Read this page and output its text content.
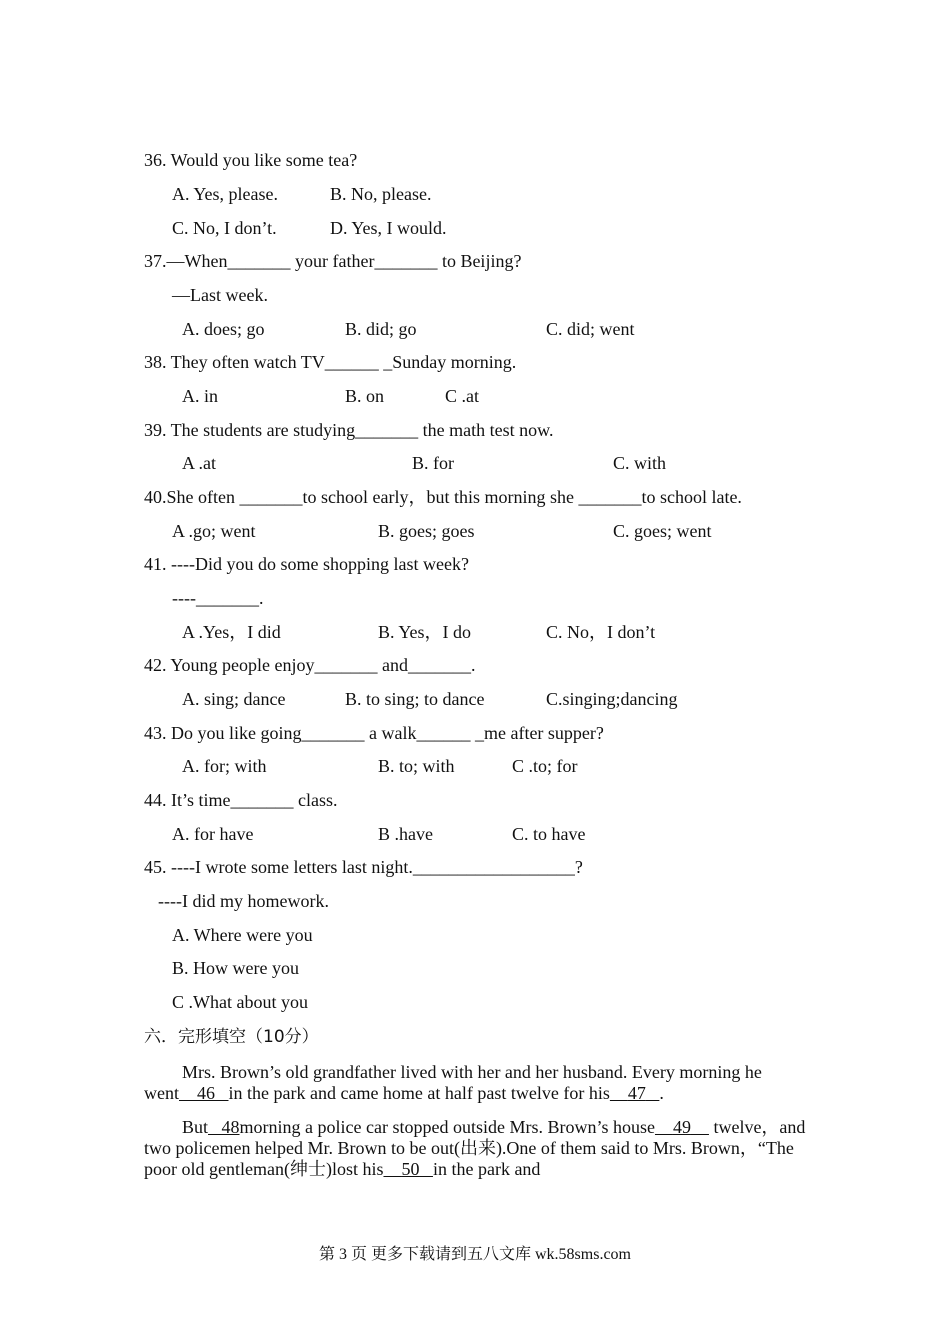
36. Would you like some tea?
A. Yes, please.	B. No, please.
C. No, I don’t.	D. Yes, I would.
37.—When_______ your father_______ to Beijing?
—Last week.
A. does; go	B. did; go	C. did; went
38. They often watch TV______ _Sunday morning.
A. in	B. on	C .at
39. The students are studying_______ the math test now.
A .at	B. for	C. with
40.She often _______to school early，but this morning she _______to school late.
A .go; went	B. goes; goes	C. goes; went
41. ----Did you do some shopping last week?
----_______.
A .Yes，I did	B. Yes，I do	C. No，I don’t
42. Young people enjoy_______ and_______.
A. sing; dance	B. to sing; to dance	C.singing;dancing
43. Do you like going_______ a walk______ _me after supper?
A. for; with	B. to; with	C .to; for
44. It’s time_______ class.
A. for have	B .have	C. to have
45. ----I wrote some letters last night.__________________?
----I did my homework.
A. Where were you
B. How were you
C .What about you
六．完形填空（10分）
Mrs. Brown’s old grandfather lived with her and her husband. Every morning he went 46 in the park and came home at half past twelve for his 47 .
But 48morning a police car stopped outside Mrs. Brown’s house 49 twelve，and two policemen helped Mr. Brown to be out(出来).One of them said to Mrs. Brown，“The poor old gentleman(绅士)lost his 50 in the park and
第 3 页 更多下载请到五八文库 wk.58sms.com
